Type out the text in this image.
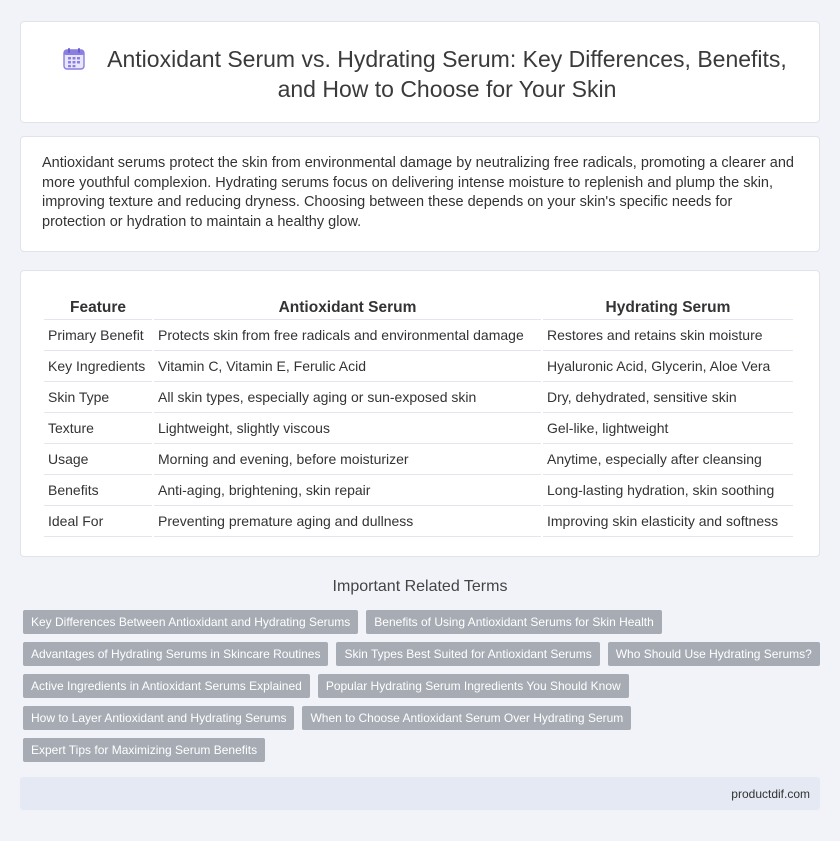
Antioxidant Serum vs. Hydrating Serum: Key Differences, Benefits, and How to Choose for Your Skin

Antioxidant serums protect the skin from environmental damage by neutralizing free radicals, promoting a clearer and more youthful complexion. Hydrating serums focus on delivering intense moisture to replenish and plump the skin, improving texture and reducing dryness. Choosing between these depends on your skin's specific needs for protection or hydration to maintain a healthy glow.

Feature	Antioxidant Serum	Hydrating Serum
Primary Benefit	Protects skin from free radicals and environmental damage	Restores and retains skin moisture
Key Ingredients	Vitamin C, Vitamin E, Ferulic Acid	Hyaluronic Acid, Glycerin, Aloe Vera
Skin Type	All skin types, especially aging or sun-exposed skin	Dry, dehydrated, sensitive skin
Texture	Lightweight, slightly viscous	Gel-like, lightweight
Usage	Morning and evening, before moisturizer	Anytime, especially after cleansing
Benefits	Anti-aging, brightening, skin repair	Long-lasting hydration, skin soothing
Ideal For	Preventing premature aging and dullness	Improving skin elasticity and softness
Important Related Terms
Key Differences Between Antioxidant and Hydrating Serums	Benefits of Using Antioxidant Serums for Skin Health
Advantages of Hydrating Serums in Skincare Routines	Skin Types Best Suited for Antioxidant Serums	Who Should Use Hydrating Serums?
Active Ingredients in Antioxidant Serums Explained	Popular Hydrating Serum Ingredients You Should Know
How to Layer Antioxidant and Hydrating Serums	When to Choose Antioxidant Serum Over Hydrating Serum
Expert Tips for Maximizing Serum Benefits
productdif.com
